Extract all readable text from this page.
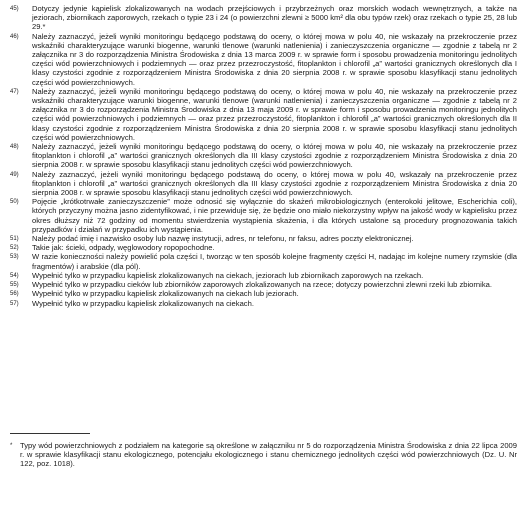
45)	Dotyczy jedynie kąpielisk zlokalizowanych na wodach przejściowych i przybrzeżnych oraz morskich wodach wewnętrznych, a także na jeziorach, zbiornikach zaporowych, rzekach o typie 23 i 24 (o powierzchni zlewni ≥ 5000 km² dla obu typów rzek) oraz rzekach o typie 25, 28 lub 29.*
46)	Należy zaznaczyć, jeżeli wyniki monitoringu będącego podstawą do oceny, o której mowa w polu 40, nie wskazały na przekroczenie przez wskaźniki charakteryzujące warunki biogenne, warunki tlenowe (warunki natlenienia) i zanieczyszczenia organiczne — zgodnie z tabelą nr 2 załącznika nr 3 do rozporządzenia Ministra Środowiska z dnia 13 marca 2009 r. w sprawie form i sposobu prowadzenia monitoringu jednolitych części wód powierzchniowych i podziemnych — oraz przez przezroczystość, fitoplankton i chlorofil „a” wartości granicznych określonych dla I klasy czystości zgodnie z rozporządzeniem Ministra Środowiska z dnia 20 sierpnia 2008 r. w sprawie sposobu klasyfikacji stanu jednolitych części wód powierzchniowych.
47)	Należy zaznaczyć, jeżeli wyniki monitoringu będącego podstawą do oceny, o której mowa w polu 40, nie wskazały na przekroczenie przez wskaźniki charakteryzujące warunki biogenne, warunki tlenowe (warunki natlenienia) i zanieczyszczenia organiczne — zgodnie z tabelą nr 2 załącznika nr 3 do rozporządzenia Ministra Środowiska z dnia 13 maja 2009 r. w sprawie form i sposobu prowadzenia monitoringu jednolitych części wód powierzchniowych i podziemnych — oraz przez przezroczystość, fitoplankton i chlorofil „a” wartości granicznych określonych dla II klasy czystości zgodnie z rozporządzeniem Ministra Środowiska z dnia 20 sierpnia 2008 r. w sprawie sposobu klasyfikacji stanu jednolitych części wód powierzchniowych.
48)	Należy zaznaczyć, jeżeli wyniki monitoringu będącego podstawą do oceny, o której mowa w polu 40, nie wskazały na przekroczenie przez fitoplankton i chlorofil „a” wartości granicznych określonych dla III klasy czystości zgodnie z rozporządzeniem Ministra Środowiska z dnia 20 sierpnia 2008 r. w sprawie sposobu klasyfikacji stanu jednolitych części wód powierzchniowych.
49)	Należy zaznaczyć, jeżeli wyniki monitoringu będącego podstawą do oceny, o której mowa w polu 40, wskazały na przekroczenie przez fitoplankton i chlorofil „a” wartości granicznych określonych dla III klasy czystości zgodnie z rozporządzeniem Ministra Środowiska z dnia 20 sierpnia 2008 r. w sprawie sposobu klasyfikacji stanu jednolitych części wód powierzchniowych.
50)	Pojęcie „krótkotrwałe zanieczyszczenie” może odnosić się wyłącznie do skażeń mikrobiologicznych (enterokoki jelitowe, Escherichia coli), których przyczyny można jasno zidentyfikować, i nie przewiduje się, że będzie ono miało niekorzystny wpływ na jakość wody w kąpielisku przez okres dłuższy niż 72 godziny od momentu stwierdzenia wystąpienia skażenia, i dla których ustalone są procedury prognozowania takich przypadków i działań w przypadku ich wystąpienia.
51)	Należy podać imię i nazwisko osoby lub nazwę instytucji, adres, nr telefonu, nr faksu, adres poczty elektronicznej.
52)	Takie jak: ścieki, odpady, węglowodory ropopochodne.
53)	W razie konieczności należy powielić pola części I, tworząc w ten sposób kolejne fragmenty części H, nadając im kolejne numery rzymskie (dla fragmentów) i arabskie (dla pól).
54)	Wypełnić tylko w przypadku kąpielisk zlokalizowanych na ciekach, jeziorach lub zbiornikach zaporowych na rzekach.
55)	Wypełnić tylko w przypadku cieków lub zbiorników zaporowych zlokalizowanych na rzece; dotyczy powierzchni zlewni rzeki lub zbiornika.
56)	Wypełnić tylko w przypadku kąpielisk zlokalizowanych na ciekach lub jeziorach.
57)	Wypełnić tylko w przypadku kąpielisk zlokalizowanych na ciekach.
*	Typy wód powierzchniowych z podziałem na kategorie są określone w załączniku nr 5 do rozporządzenia Ministra Środowiska z dnia 22 lipca 2009 r. w sprawie klasyfikacji stanu ekologicznego, potencjału ekologicznego i stanu chemicznego jednolitych części wód powierzchniowych (Dz. U. Nr 122, poz. 1018).
